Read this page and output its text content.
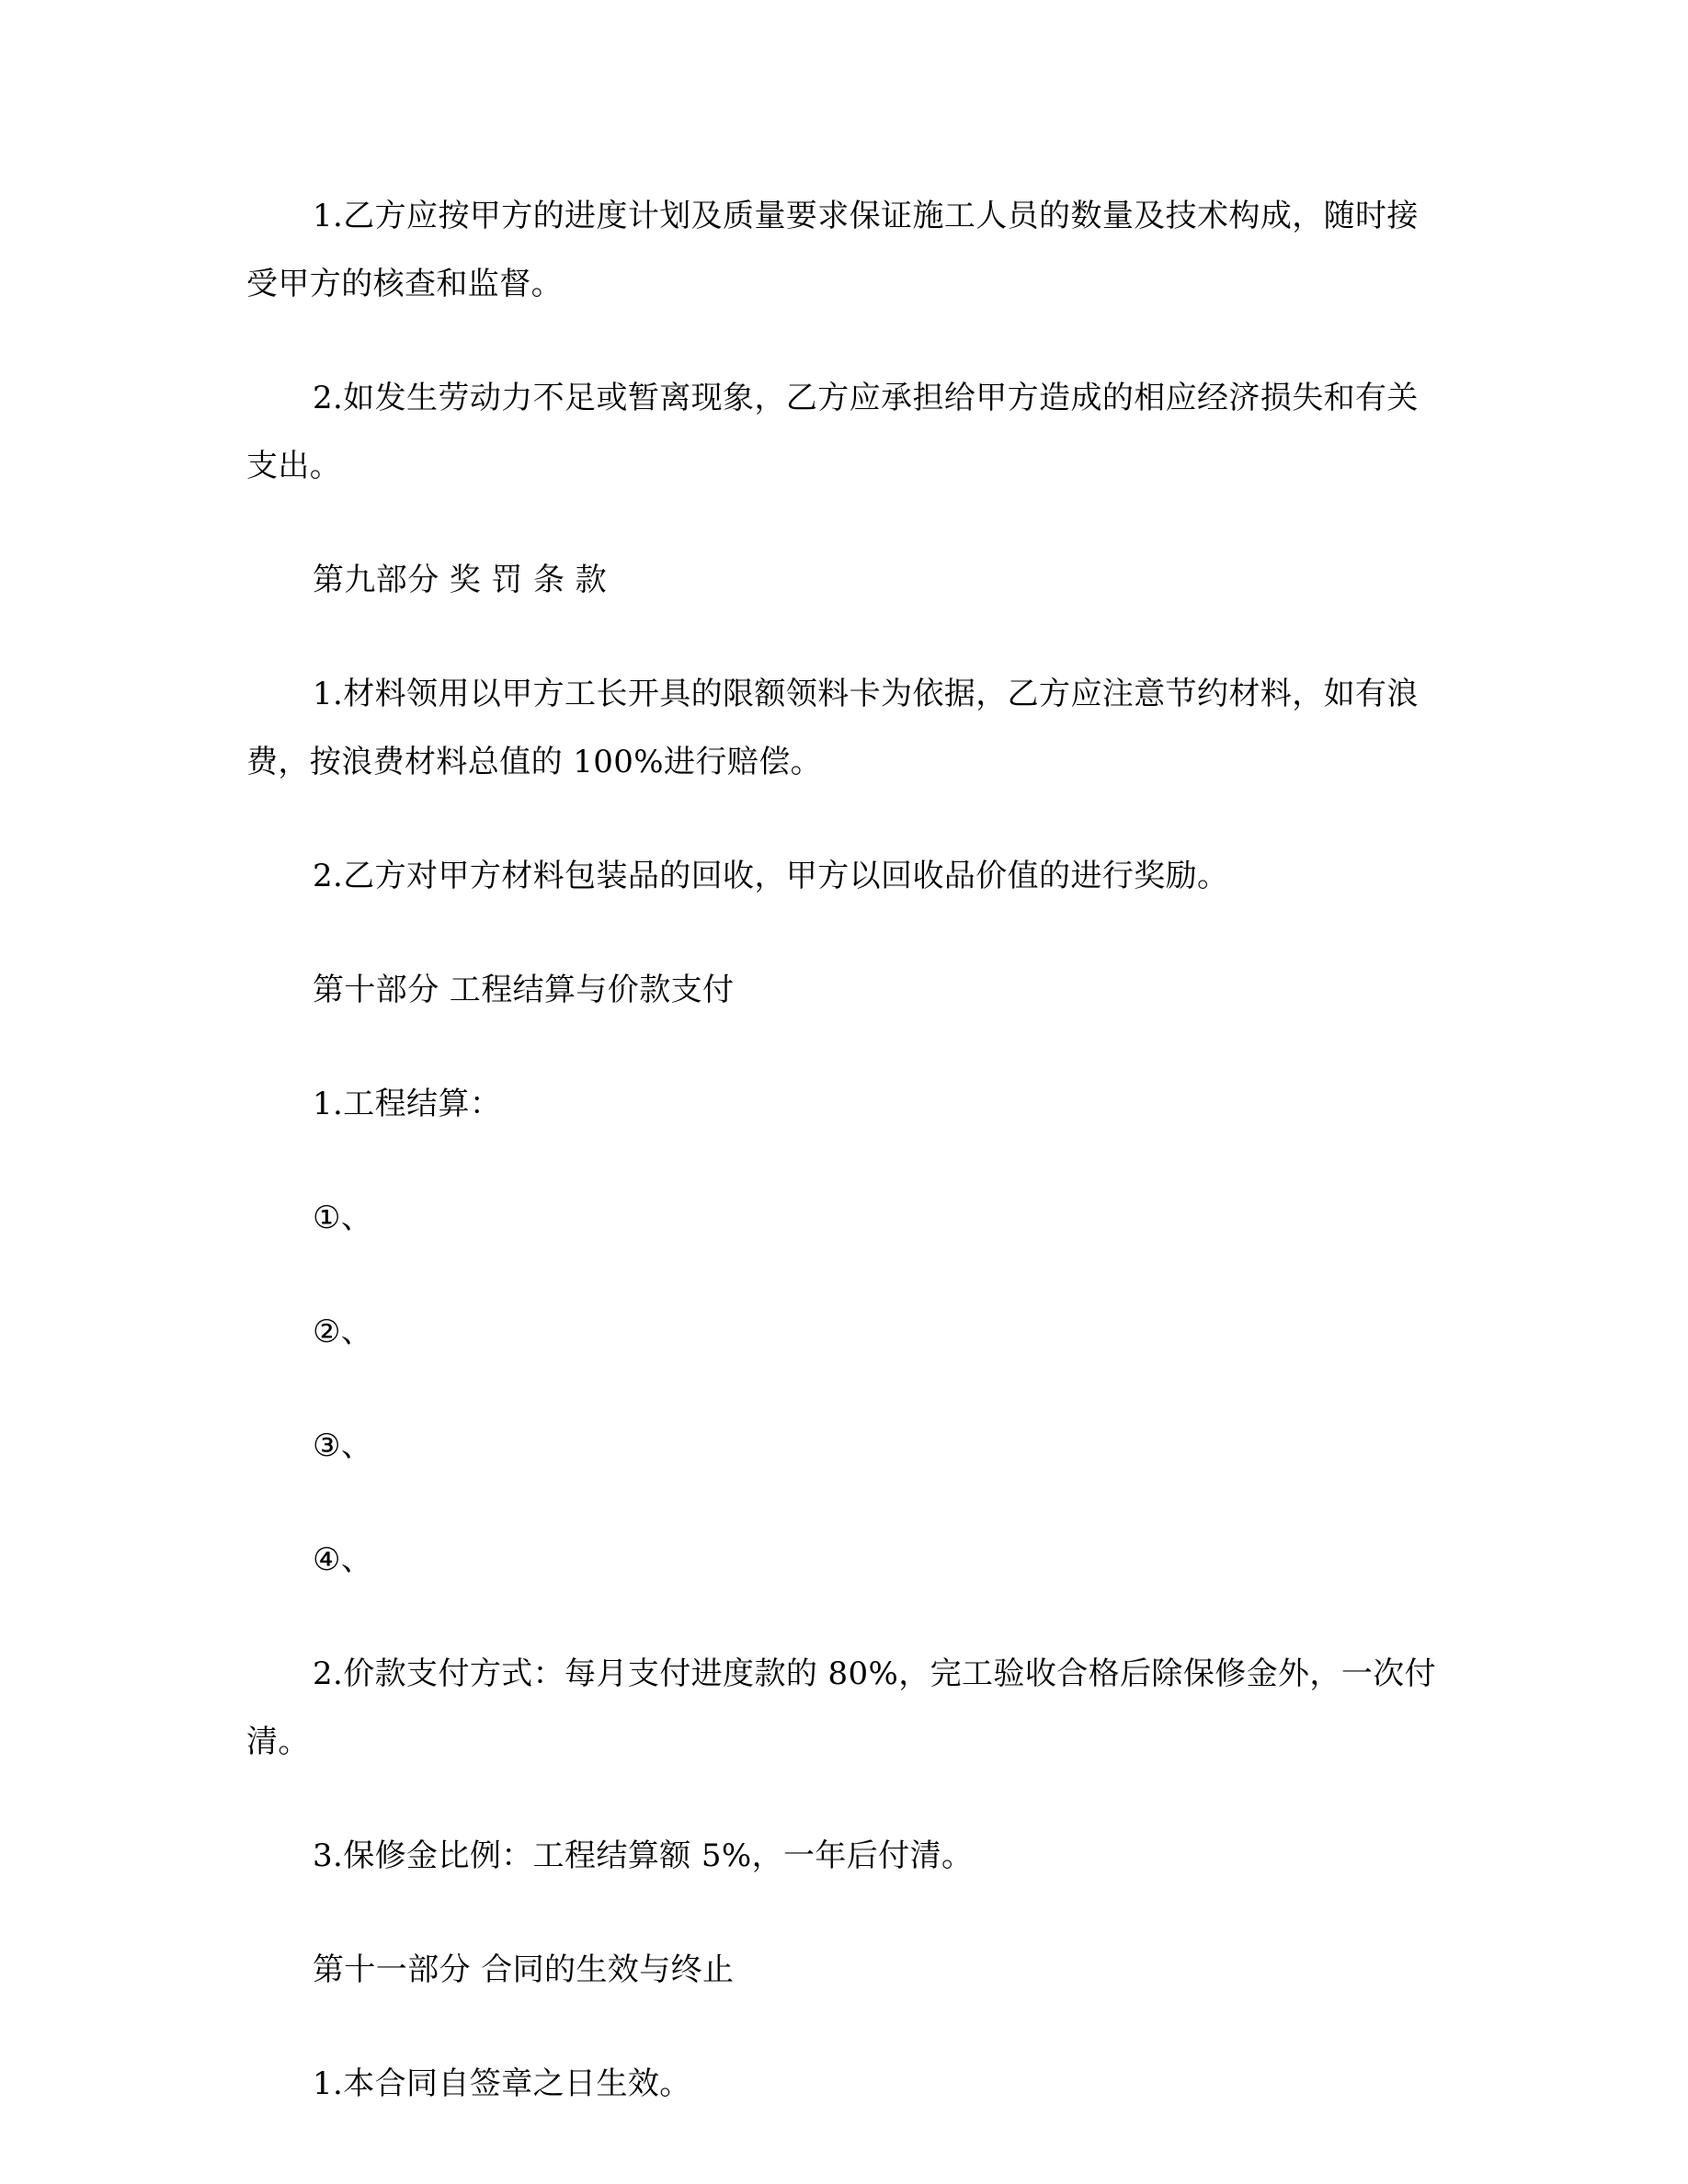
1.乙方应按甲方的进度计划及质量要求保证施工人员的数量及技术构成，随时接受甲方的核查和监督。

2.如发生劳动力不足或暂离现象，乙方应承担给甲方造成的相应经济损失和有关支出。

第九部分 奖 罚 条 款

1.材料领用以甲方工长开具的限额领料卡为依据，乙方应注意节约材料，如有浪费，按浪费材料总值的 100%进行赔偿。

2.乙方对甲方材料包装品的回收，甲方以回收品价值的进行奖励。

第十部分 工程结算与价款支付

1.工程结算：

①、

②、

③、

④、

2.价款支付方式：每月支付进度款的 80%，完工验收合格后除保修金外，一次付清。

3.保修金比例：工程结算额 5%，一年后付清。

第十一部分 合同的生效与终止

1.本合同自签章之日生效。
